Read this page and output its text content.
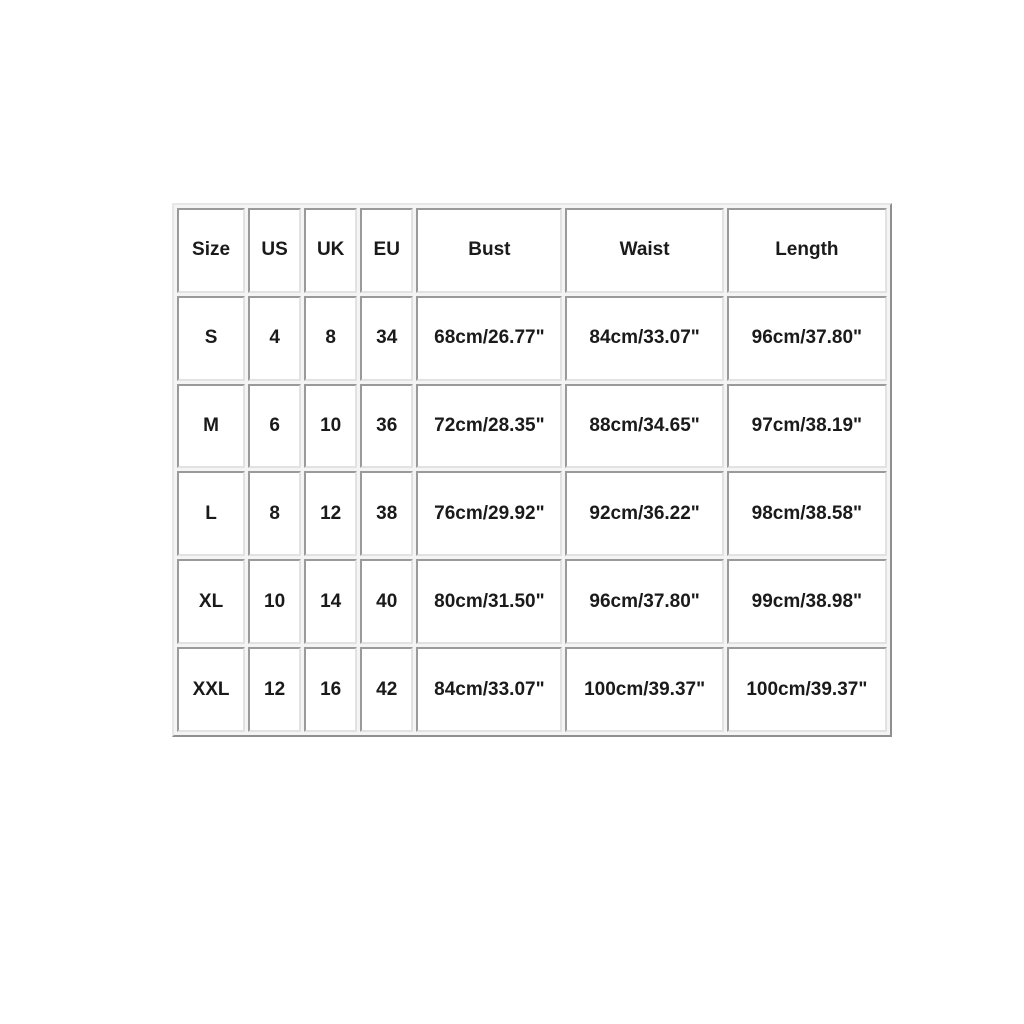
Size	US	UK	EU	Bust	Waist	Length
S	4	8	34	68cm/26.77"	84cm/33.07"	96cm/37.80"
M	6	10	36	72cm/28.35"	88cm/34.65"	97cm/38.19"
L	8	12	38	76cm/29.92"	92cm/36.22"	98cm/38.58"
XL	10	14	40	80cm/31.50"	96cm/37.80"	99cm/38.98"
XXL	12	16	42	84cm/33.07"	100cm/39.37"	100cm/39.37"
